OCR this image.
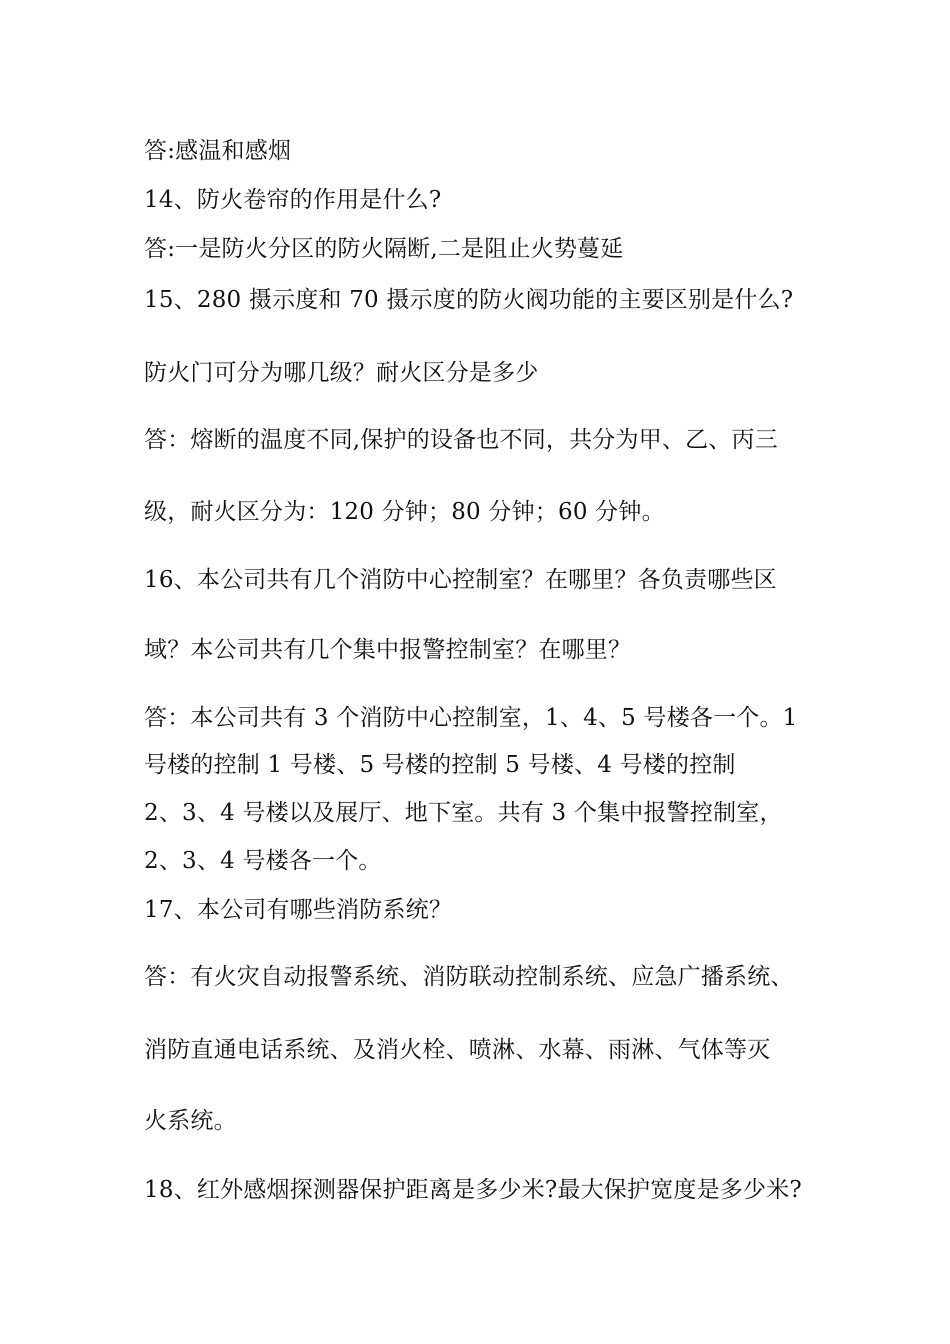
答:感温和感烟
14、防火卷帘的作用是什么?
答:一是防火分区的防火隔断,二是阻止火势蔓延
15、280 摄示度和 70 摄示度的防火阀功能的主要区别是什么?
防火门可分为哪几级？耐火区分是多少
答：熔断的温度不同,保护的设备也不同，共分为甲、乙、丙三
级，耐火区分为：120 分钟；80 分钟；60 分钟。
16、本公司共有几个消防中心控制室？在哪里？各负责哪些区
域？本公司共有几个集中报警控制室？在哪里？
答：本公司共有 3 个消防中心控制室，1、4、5 号楼各一个。1
号楼的控制 1 号楼、5 号楼的控制 5 号楼、4 号楼的控制
2、3、4 号楼以及展厅、地下室。共有 3 个集中报警控制室，
2、3、4 号楼各一个。
17、本公司有哪些消防系统？
答：有火灾自动报警系统、消防联动控制系统、应急广播系统、
消防直通电话系统、及消火栓、喷淋、水幕、雨淋、气体等灭
火系统。
18、红外感烟探测器保护距离是多少米?最大保护宽度是多少米?
